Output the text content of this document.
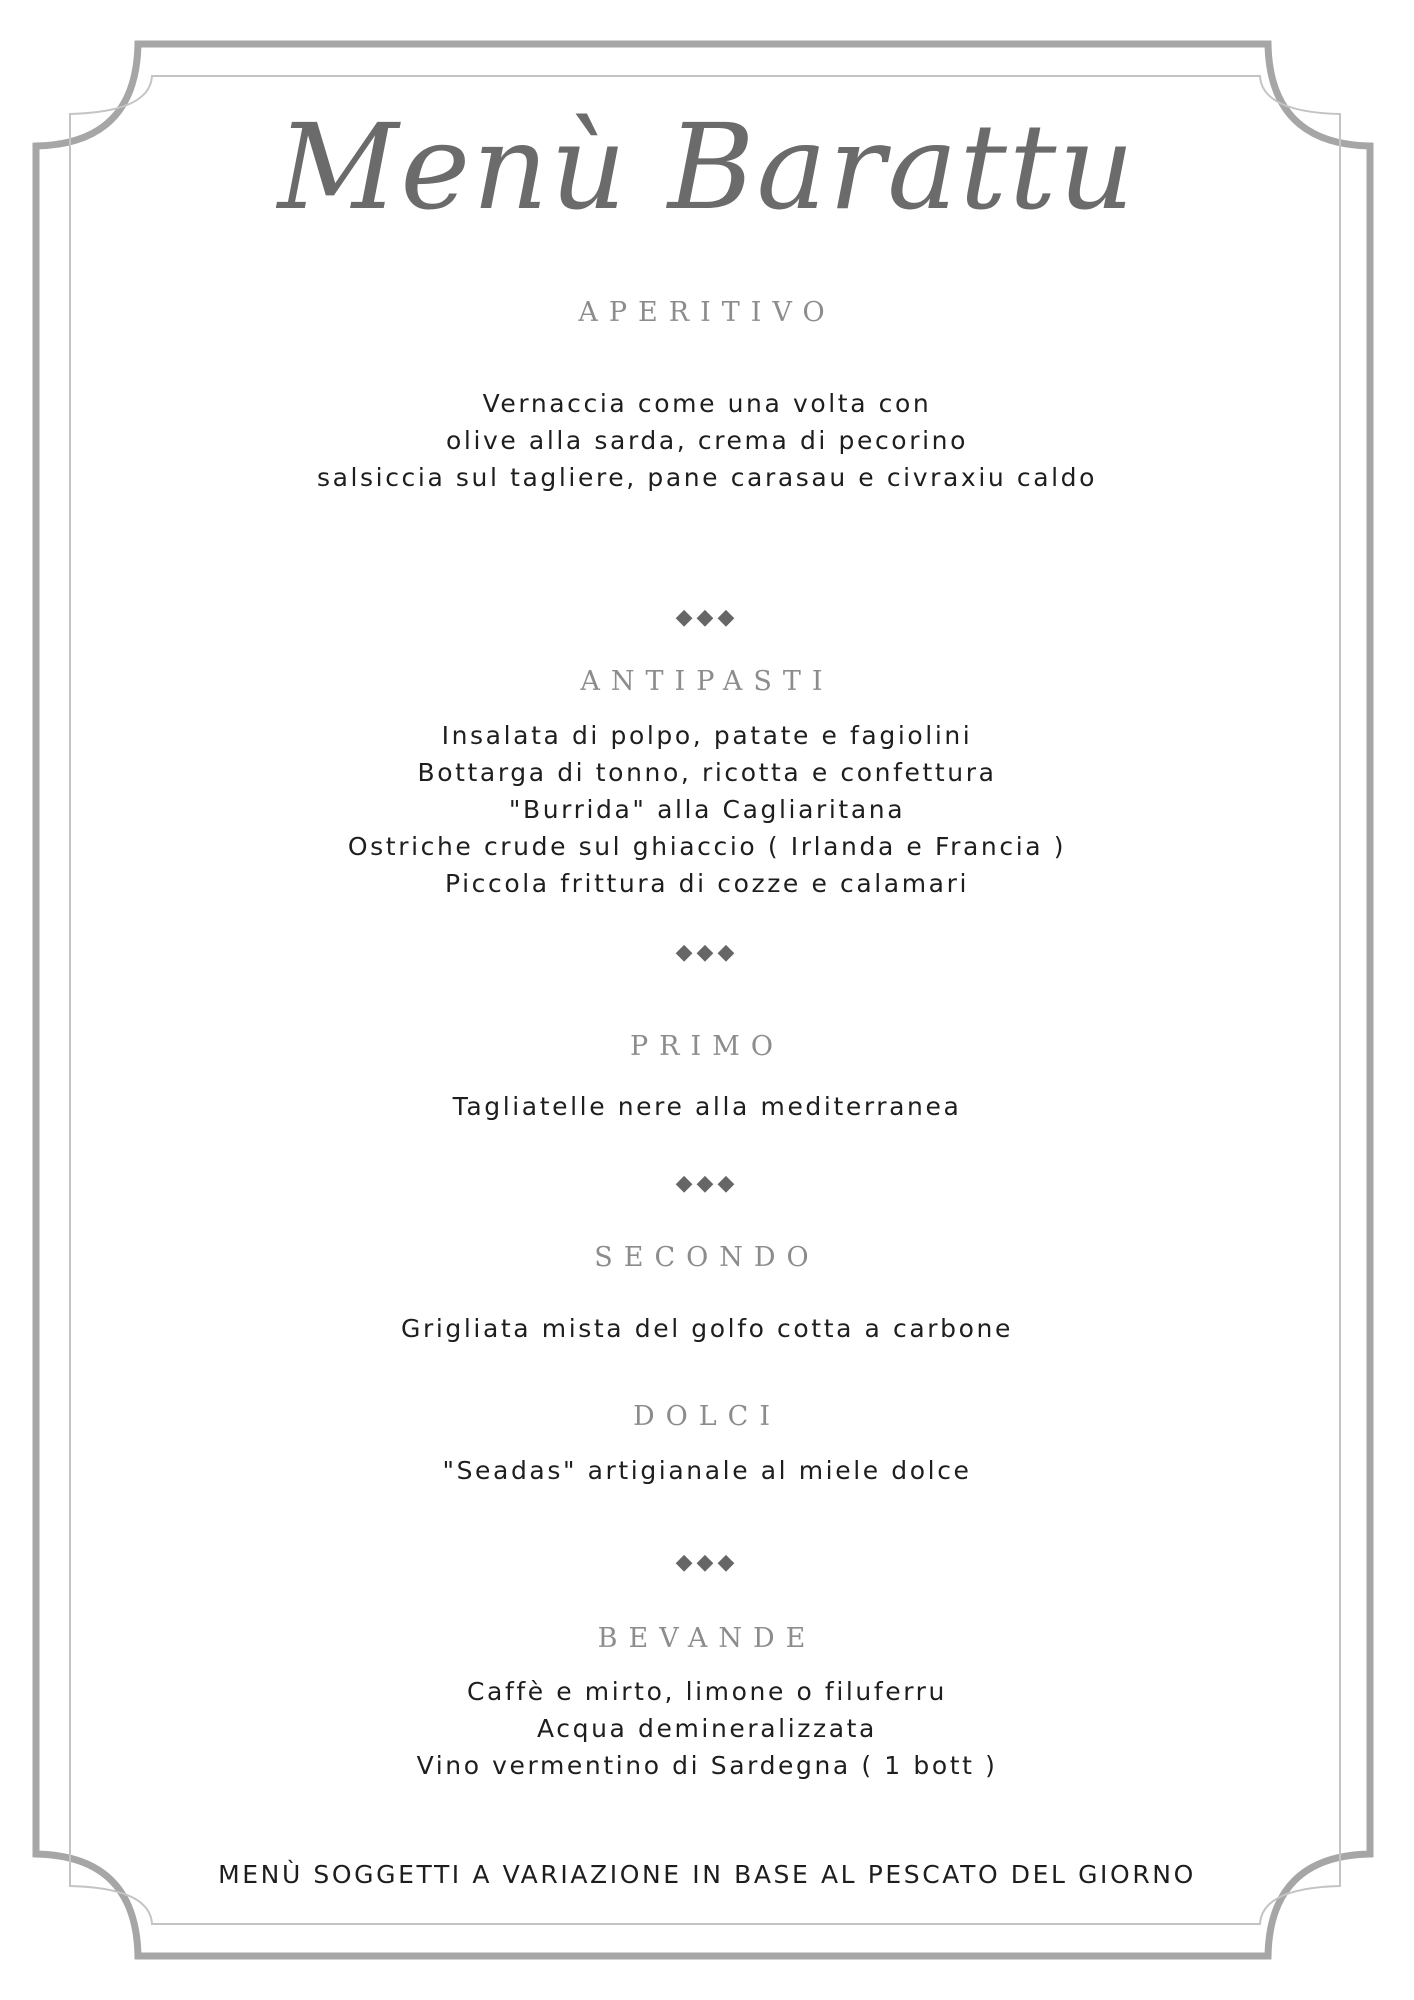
Menù Barattu
APERITIVO
Vernaccia come una volta con
olive alla sarda, crema di pecorino
salsiccia sul tagliere, pane carasau e civraxiu caldo
◆◆◆
ANTIPASTI
Insalata di polpo, patate e fagiolini
Bottarga di tonno, ricotta e confettura
"Burrida" alla Cagliaritana
Ostriche crude sul ghiaccio ( Irlanda e Francia )
Piccola frittura di cozze e calamari
◆◆◆
PRIMO
Tagliatelle nere alla mediterranea
◆◆◆
SECONDO
Grigliata mista del golfo cotta a carbone
DOLCI
"Seadas" artigianale al miele dolce
◆◆◆
BEVANDE
Caffè e mirto, limone o filuferru
Acqua demineralizzata
Vino vermentino di Sardegna ( 1 bott )
MENÙ SOGGETTI A VARIAZIONE IN BASE AL PESCATO DEL GIORNO
